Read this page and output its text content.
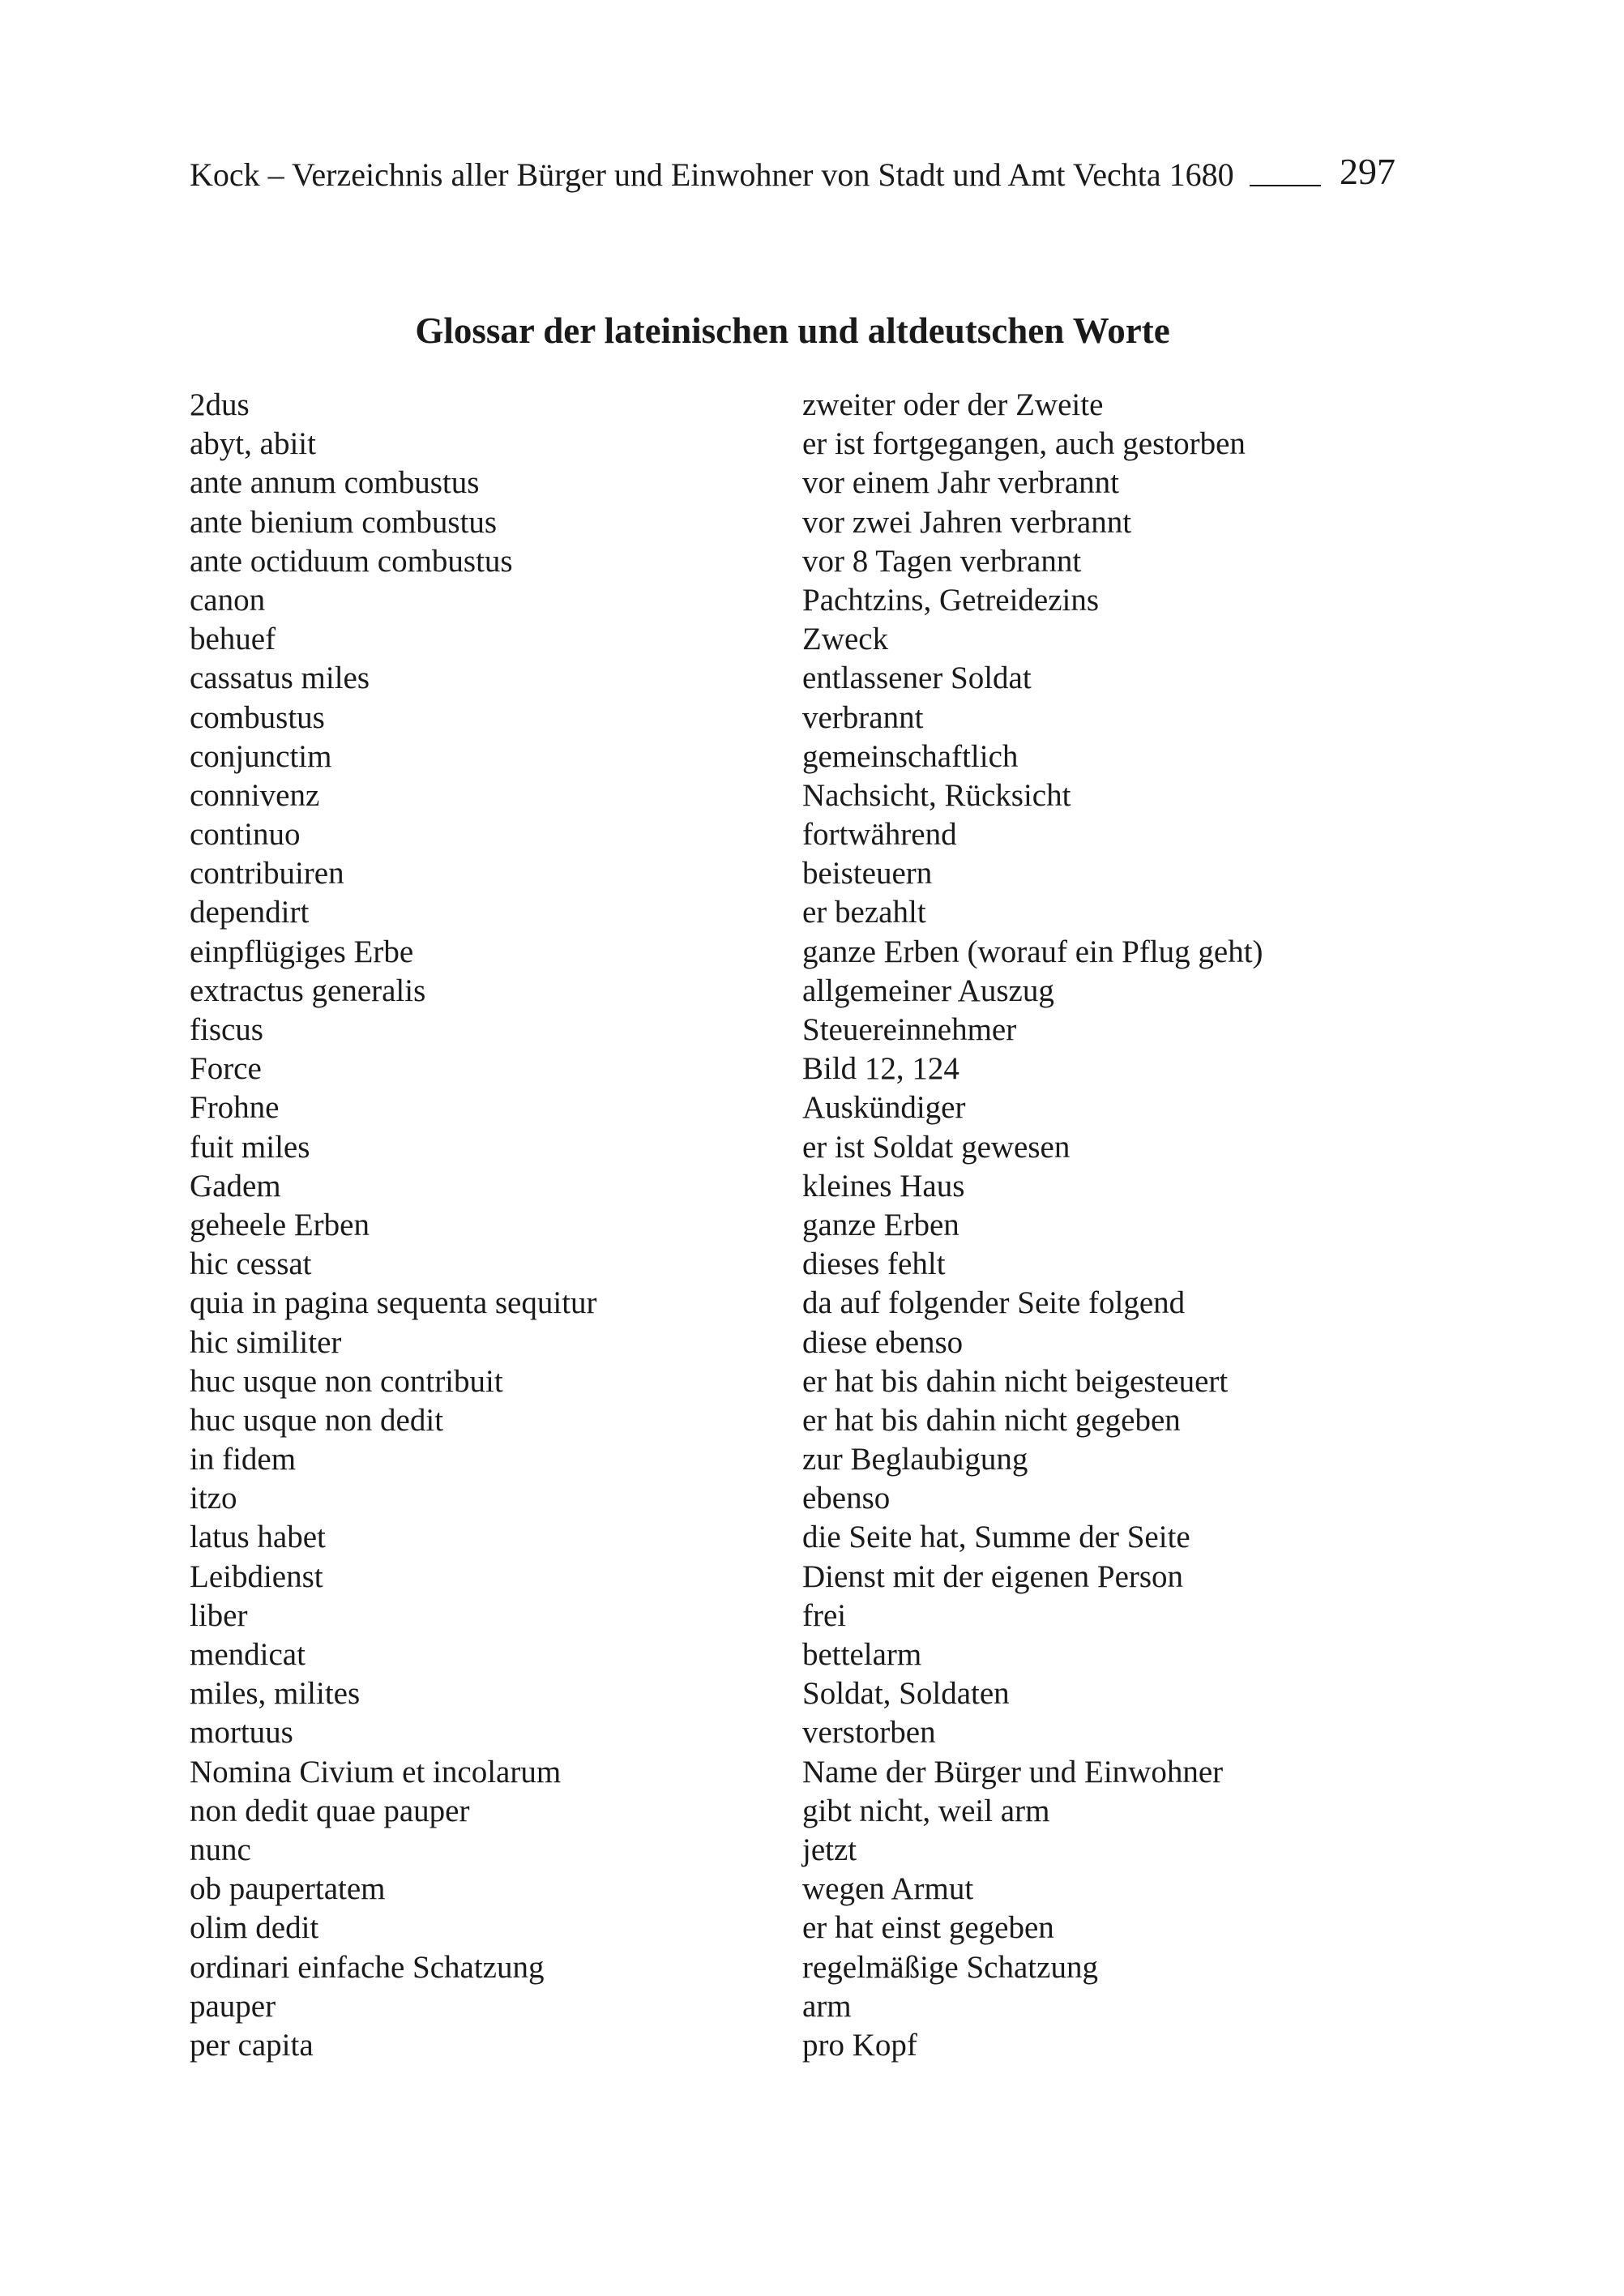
Kock – Verzeichnis aller Bürger und Einwohner von Stadt und Amt Vechta 1680	297
Glossar der lateinischen und altdeutschen Worte
2dus	zweiter oder der Zweite
abyt, abiit	er ist fortgegangen, auch gestorben
ante annum combustus	vor einem Jahr verbrannt
ante bienium combustus	vor zwei Jahren verbrannt
ante octiduum combustus	vor 8 Tagen verbrannt
canon	Pachtzins, Getreidezins
behuef	Zweck
cassatus miles	entlassener Soldat
combustus	verbrannt
conjunctim	gemeinschaftlich
connivenz	Nachsicht, Rücksicht
continuo	fortwährend
contribuiren	beisteuern
dependirt	er bezahlt
einpflügiges Erbe	ganze Erben (worauf ein Pflug geht)
extractus generalis	allgemeiner Auszug
fiscus	Steuereinnehmer
Force	Bild 12, 124
Frohne	Auskündiger
fuit miles	er ist Soldat gewesen
Gadem	kleines Haus
geheele Erben	ganze Erben
hic cessat	dieses fehlt
quia in pagina sequenta sequitur	da auf folgender Seite folgend
hic similiter	diese ebenso
huc usque non contribuit	er hat bis dahin nicht beigesteuert
huc usque non dedit	er hat bis dahin nicht gegeben
in fidem	zur Beglaubigung
itzo	ebenso
latus habet	die Seite hat, Summe der Seite
Leibdienst	Dienst mit der eigenen Person
liber	frei
mendicat	bettelarm
miles, milites	Soldat, Soldaten
mortuus	verstorben
Nomina Civium et incolarum	Name der Bürger und Einwohner
non dedit quae pauper	gibt nicht, weil arm
nunc	jetzt
ob paupertatem	wegen Armut
olim dedit	er hat einst gegeben
ordinari einfache Schatzung	regelmäßige Schatzung
pauper	arm
per capita	pro Kopf
